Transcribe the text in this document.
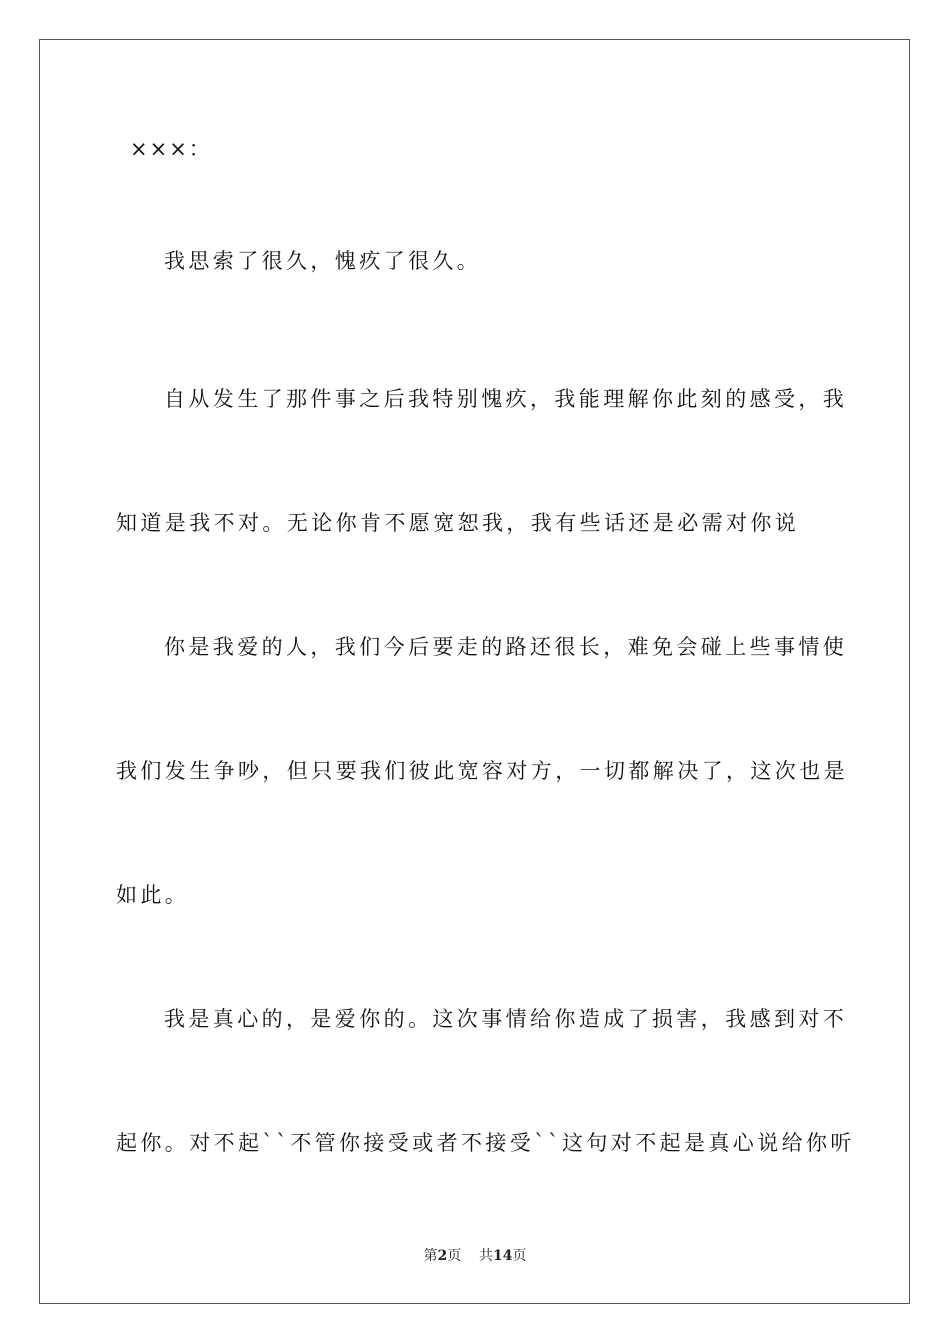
×××：

我思索了很久，愧疚了很久。

自从发生了那件事之后我特别愧疚，我能理解你此刻的感受，我

知道是我不对。无论你肯不愿宽恕我，我有些话还是必需对你说

你是我爱的人，我们今后要走的路还很长，难免会碰上些事情使

我们发生争吵，但只要我们彼此宽容对方，一切都解决了，这次也是

如此。

我是真心的，是爱你的。这次事情给你造成了损害，我感到对不

起你。对不起``不管你接受或者不接受``这句对不起是真心说给你听

第2页 共14页
